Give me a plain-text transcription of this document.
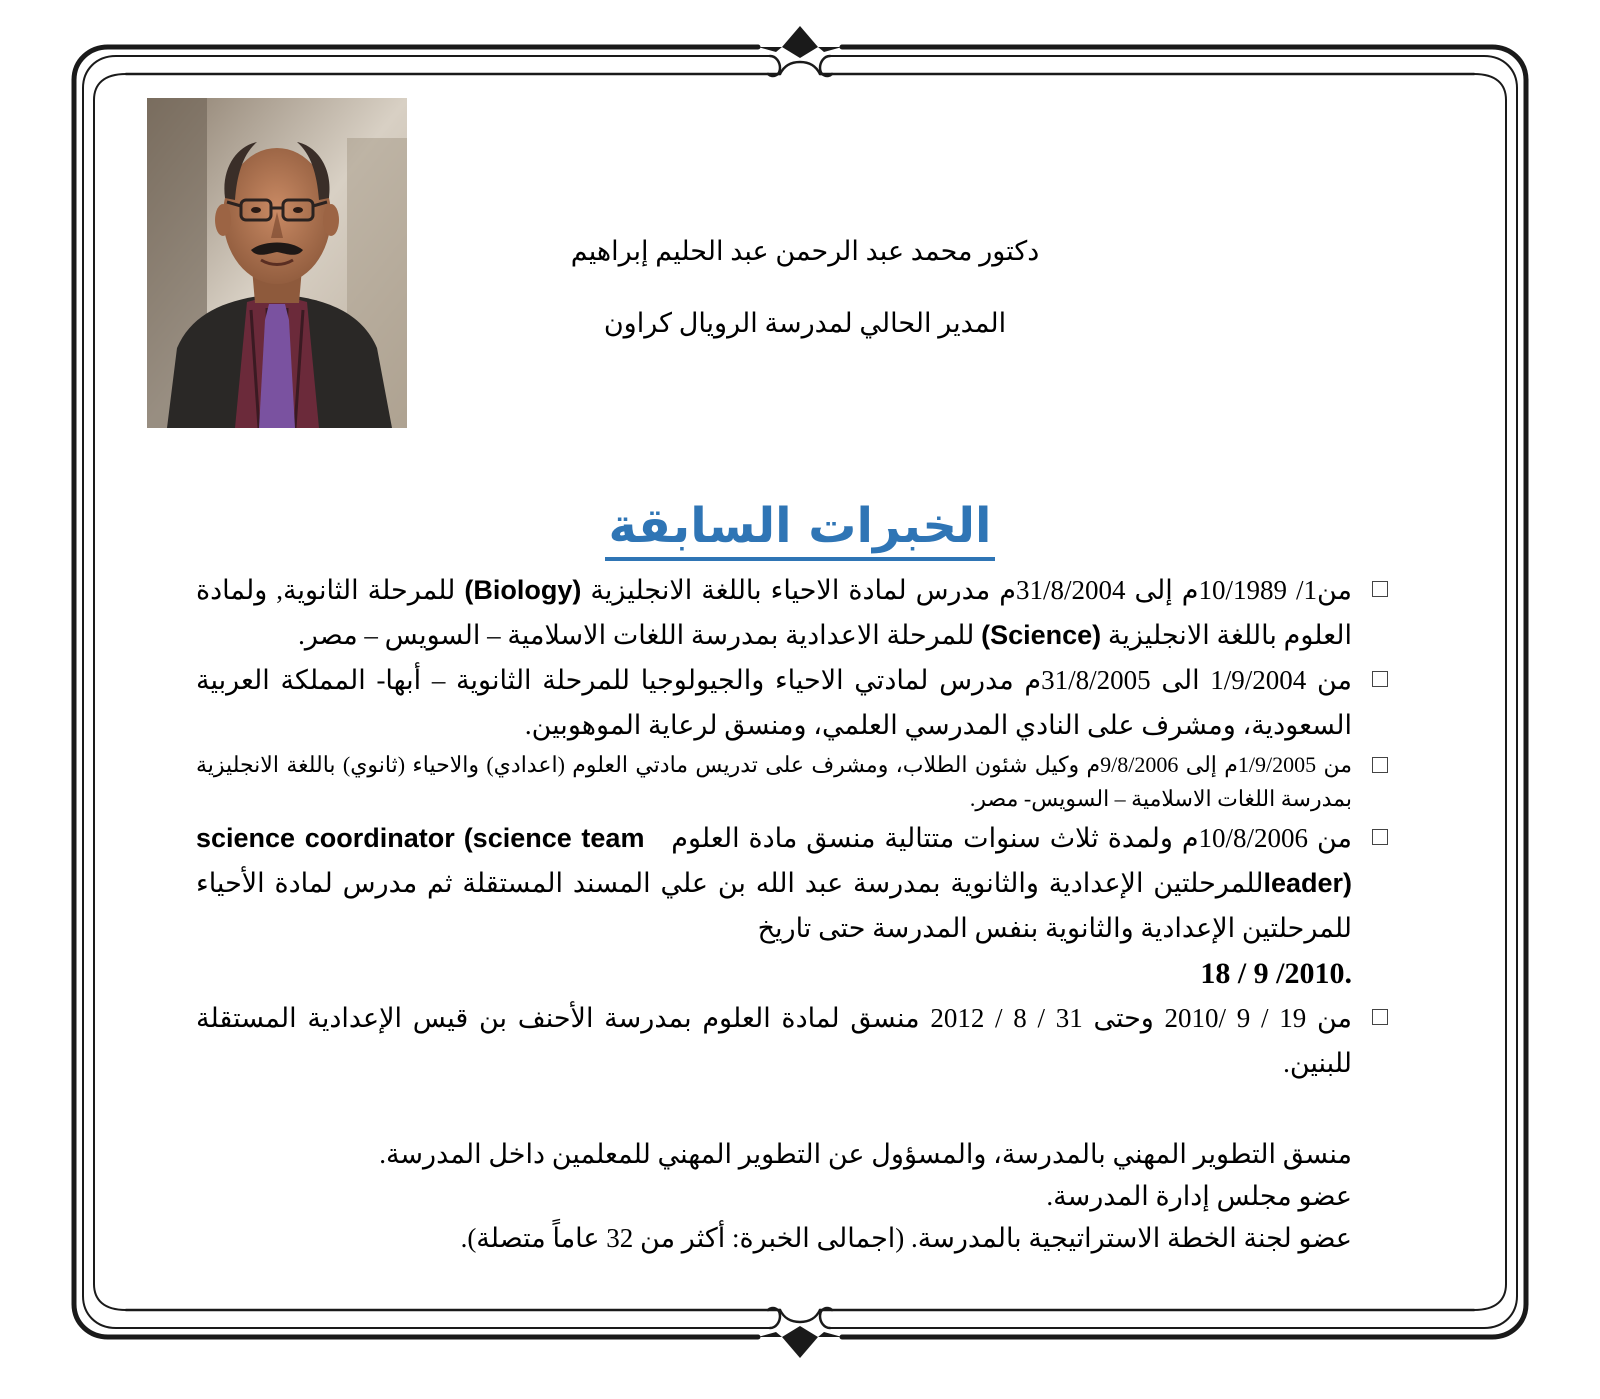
دكتور محمد عبد الرحمن عبد الحليم إبراهيم
المدير الحالي لمدرسة الرويال كراون
الخبرات السابقة
من1/ 10/1989م إلى 31/8/2004م مدرس لمادة الاحياء باللغة الانجليزية (Biology) للمرحلة الثانوية, ولمادة العلوم باللغة الانجليزية (Science) للمرحلة الاعدادية بمدرسة اللغات الاسلامية – السويس – مصر.
من 1/9/2004 الى 31/8/2005م مدرس لمادتي الاحياء والجيولوجيا للمرحلة الثانوية – أبها- المملكة العربية السعودية، ومشرف على النادي المدرسي العلمي، ومنسق لرعاية الموهوبين.
من 1/9/2005م إلى 9/8/2006م وكيل شئون الطلاب، ومشرف على تدريس مادتي العلوم (اعدادي) والاحياء (ثانوي) باللغة الانجليزية بمدرسة اللغات الاسلامية – السويس- مصر.
من 10/8/2006م ولمدة ثلاث سنوات متتالية منسق مادة العلوم   science coordinator (science team leader)للمرحلتين الإعدادية والثانوية بمدرسة عبد الله بن علي المسند المستقلة ثم مدرس لمادة الأحياء للمرحلتين الإعدادية والثانوية بنفس المدرسة حتى تاريخ
18 / 9 /2010.
من 19 / 9 /2010 وحتى 31 / 8 / 2012 منسق لمادة العلوم بمدرسة الأحنف بن قيس الإعدادية المستقلة للبنين.
منسق التطوير المهني بالمدرسة، والمسؤول عن التطوير المهني للمعلمين داخل المدرسة.
عضو مجلس إدارة المدرسة.
عضو لجنة الخطة الاستراتيجية بالمدرسة. (اجمالى الخبرة: أكثر من 32 عاماً متصلة).
